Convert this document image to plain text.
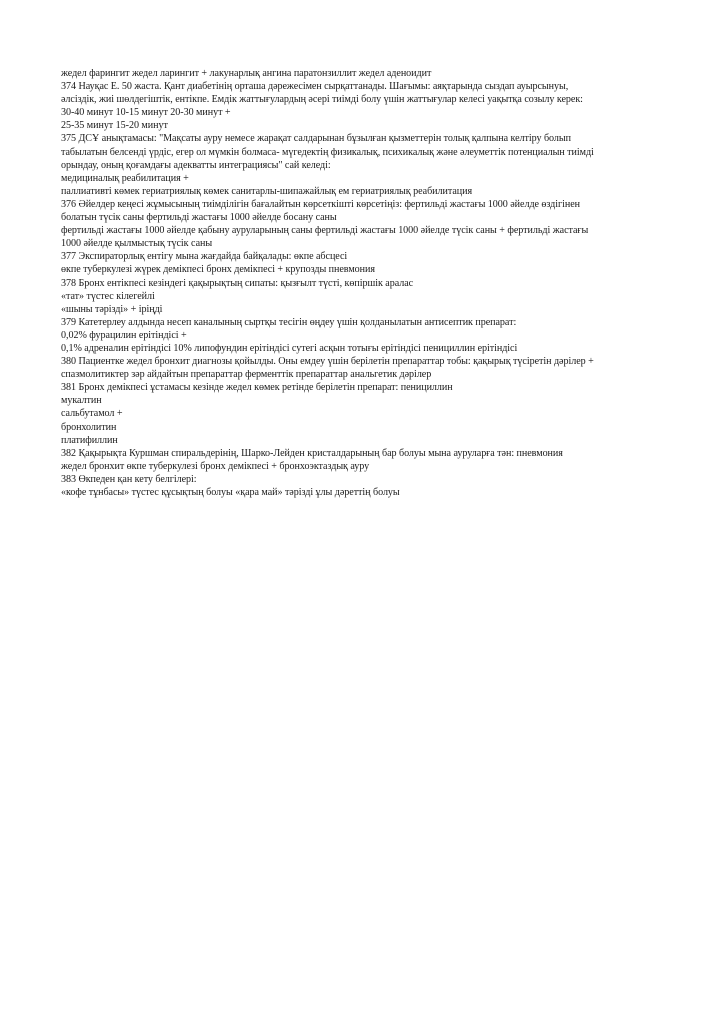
жедел фарингит жедел ларингит + лакунарлық ангина паратонзиллит жедел аденоидит
374 Науқас Е. 50 жаста. Қант диабетінің орташа дәрежесімен сырқаттанады. Шағымы: аяқтарында сыздап ауырсынуы,
әлсіздік, жиі шөлдегіштік, ентікпе. Емдік жаттығулардың әсері тиімді болу үшін жаттығулар келесі уақытқа созылу керек:
30-40 минут 10-15 минут 20-30 минут +
25-35 минут 15-20 минут
375 ДСҰ анықтамасы: "Мақсаты ауру немесе жарақат салдарынан бұзылған қызметтерін толық қалпына келтіру болып
табылатын белсенді үрдіс, егер ол мүмкін болмаса- мүгедектің физикалық, психикалық және әлеуметтік потенциалын тиімді
орындау, оның қоғамдағы адекватты интеграциясы" сай келеді:
медициналық реабилитация +
паллиативті көмек гериатриялық көмек санитарлы-шипажайлық ем гериатриялық реабилитация
376 Әйелдер кеңесі жұмысының тиімділігін бағалайтын көрсеткішті көрсетіңіз: фертильді жастағы 1000 әйелде өздігінен
болатын түсік саны фертильді жастағы 1000 әйелде босану саны
фертильді жастағы 1000 әйелде қабыну ауруларының саны фертильді жастағы 1000 әйелде түсік саны + фертильді жастағы
1000 әйелде қылмыстық түсік саны
377 Экспираторлық ентігу мына жағдайда байқалады: өкпе абсцесі
өкпе туберкулезі жүрек демікпесі бронх демікпесі + крупозды пневмония
378 Бронх ентікпесі кезіндегі қақырықтың сипаты: қызғылт түсті, көпіршік аралас
«тат» түстес кілегейлі
«шыны тәрізді» + іріңді
379 Катетерлеу алдында несеп каналының сыртқы тесігін өңдеу үшін қолданылатын антисептик препарат:
0,02% фурацилин ерітіндісі +
0,1% адреналин ерітіндісі 10% липофундин ерітіндісі сутегі асқын тотығы ерітіндісі пенициллин ерітіндісі
380 Пациентке жедел бронхит диагнозы қойылды. Оны емдеу үшін берілетін препараттар тобы: қақырық түсіретін дәрілер +
спазмолитиктер зәр айдайтын препараттар ферменттік препараттар анальгетик дәрілер
381 Бронх демікпесі ұстамасы кезінде жедел көмек ретінде берілетін препарат: пенициллин
мукалтин
сальбутамол +
бронхолитин
платифиллин
382 Қақырықта Куршман спиральдерінің, Шарко-Лейден кристалдарының бар болуы мына ауруларға тән: пневмония
жедел бронхит өкпе туберкулезі бронх демікпесі + бронхоэктаздық ауру
383 Өкпеден қан кету белгілері:
«кофе тұнбасы» түстес құсықтың болуы «қара май» тәрізді ұлы дәреттің болуы
